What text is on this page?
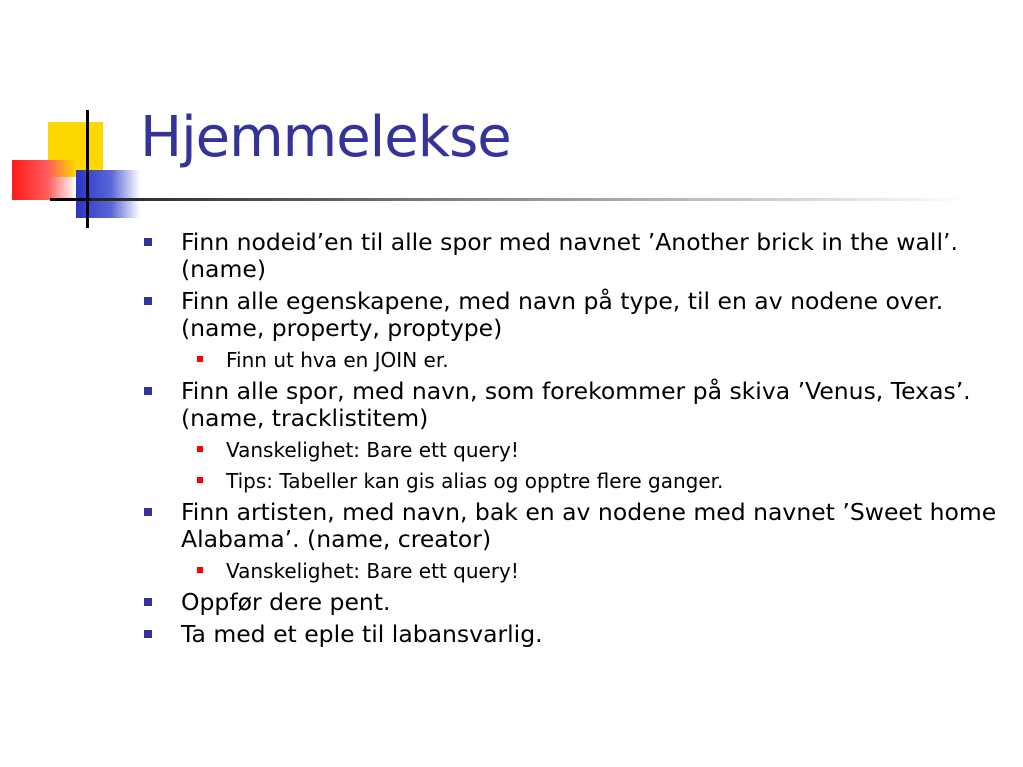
Hjemmelekse
Finn nodeid’en til alle spor med navnet ’Another brick in the wall’. (name)
Finn alle egenskapene, med navn på type, til en av nodene over. (name, property, proptype)
Finn ut hva en JOIN er.
Finn alle spor, med navn, som forekommer på skiva ’Venus, Texas’. (name, tracklistitem)
Vanskelighet: Bare ett query!
Tips: Tabeller kan gis alias og opptre flere ganger.
Finn artisten, med navn, bak en av nodene med navnet ’Sweet home Alabama’. (name, creator)
Vanskelighet: Bare ett query!
Oppfør dere pent.
Ta med et eple til labansvarlig.
